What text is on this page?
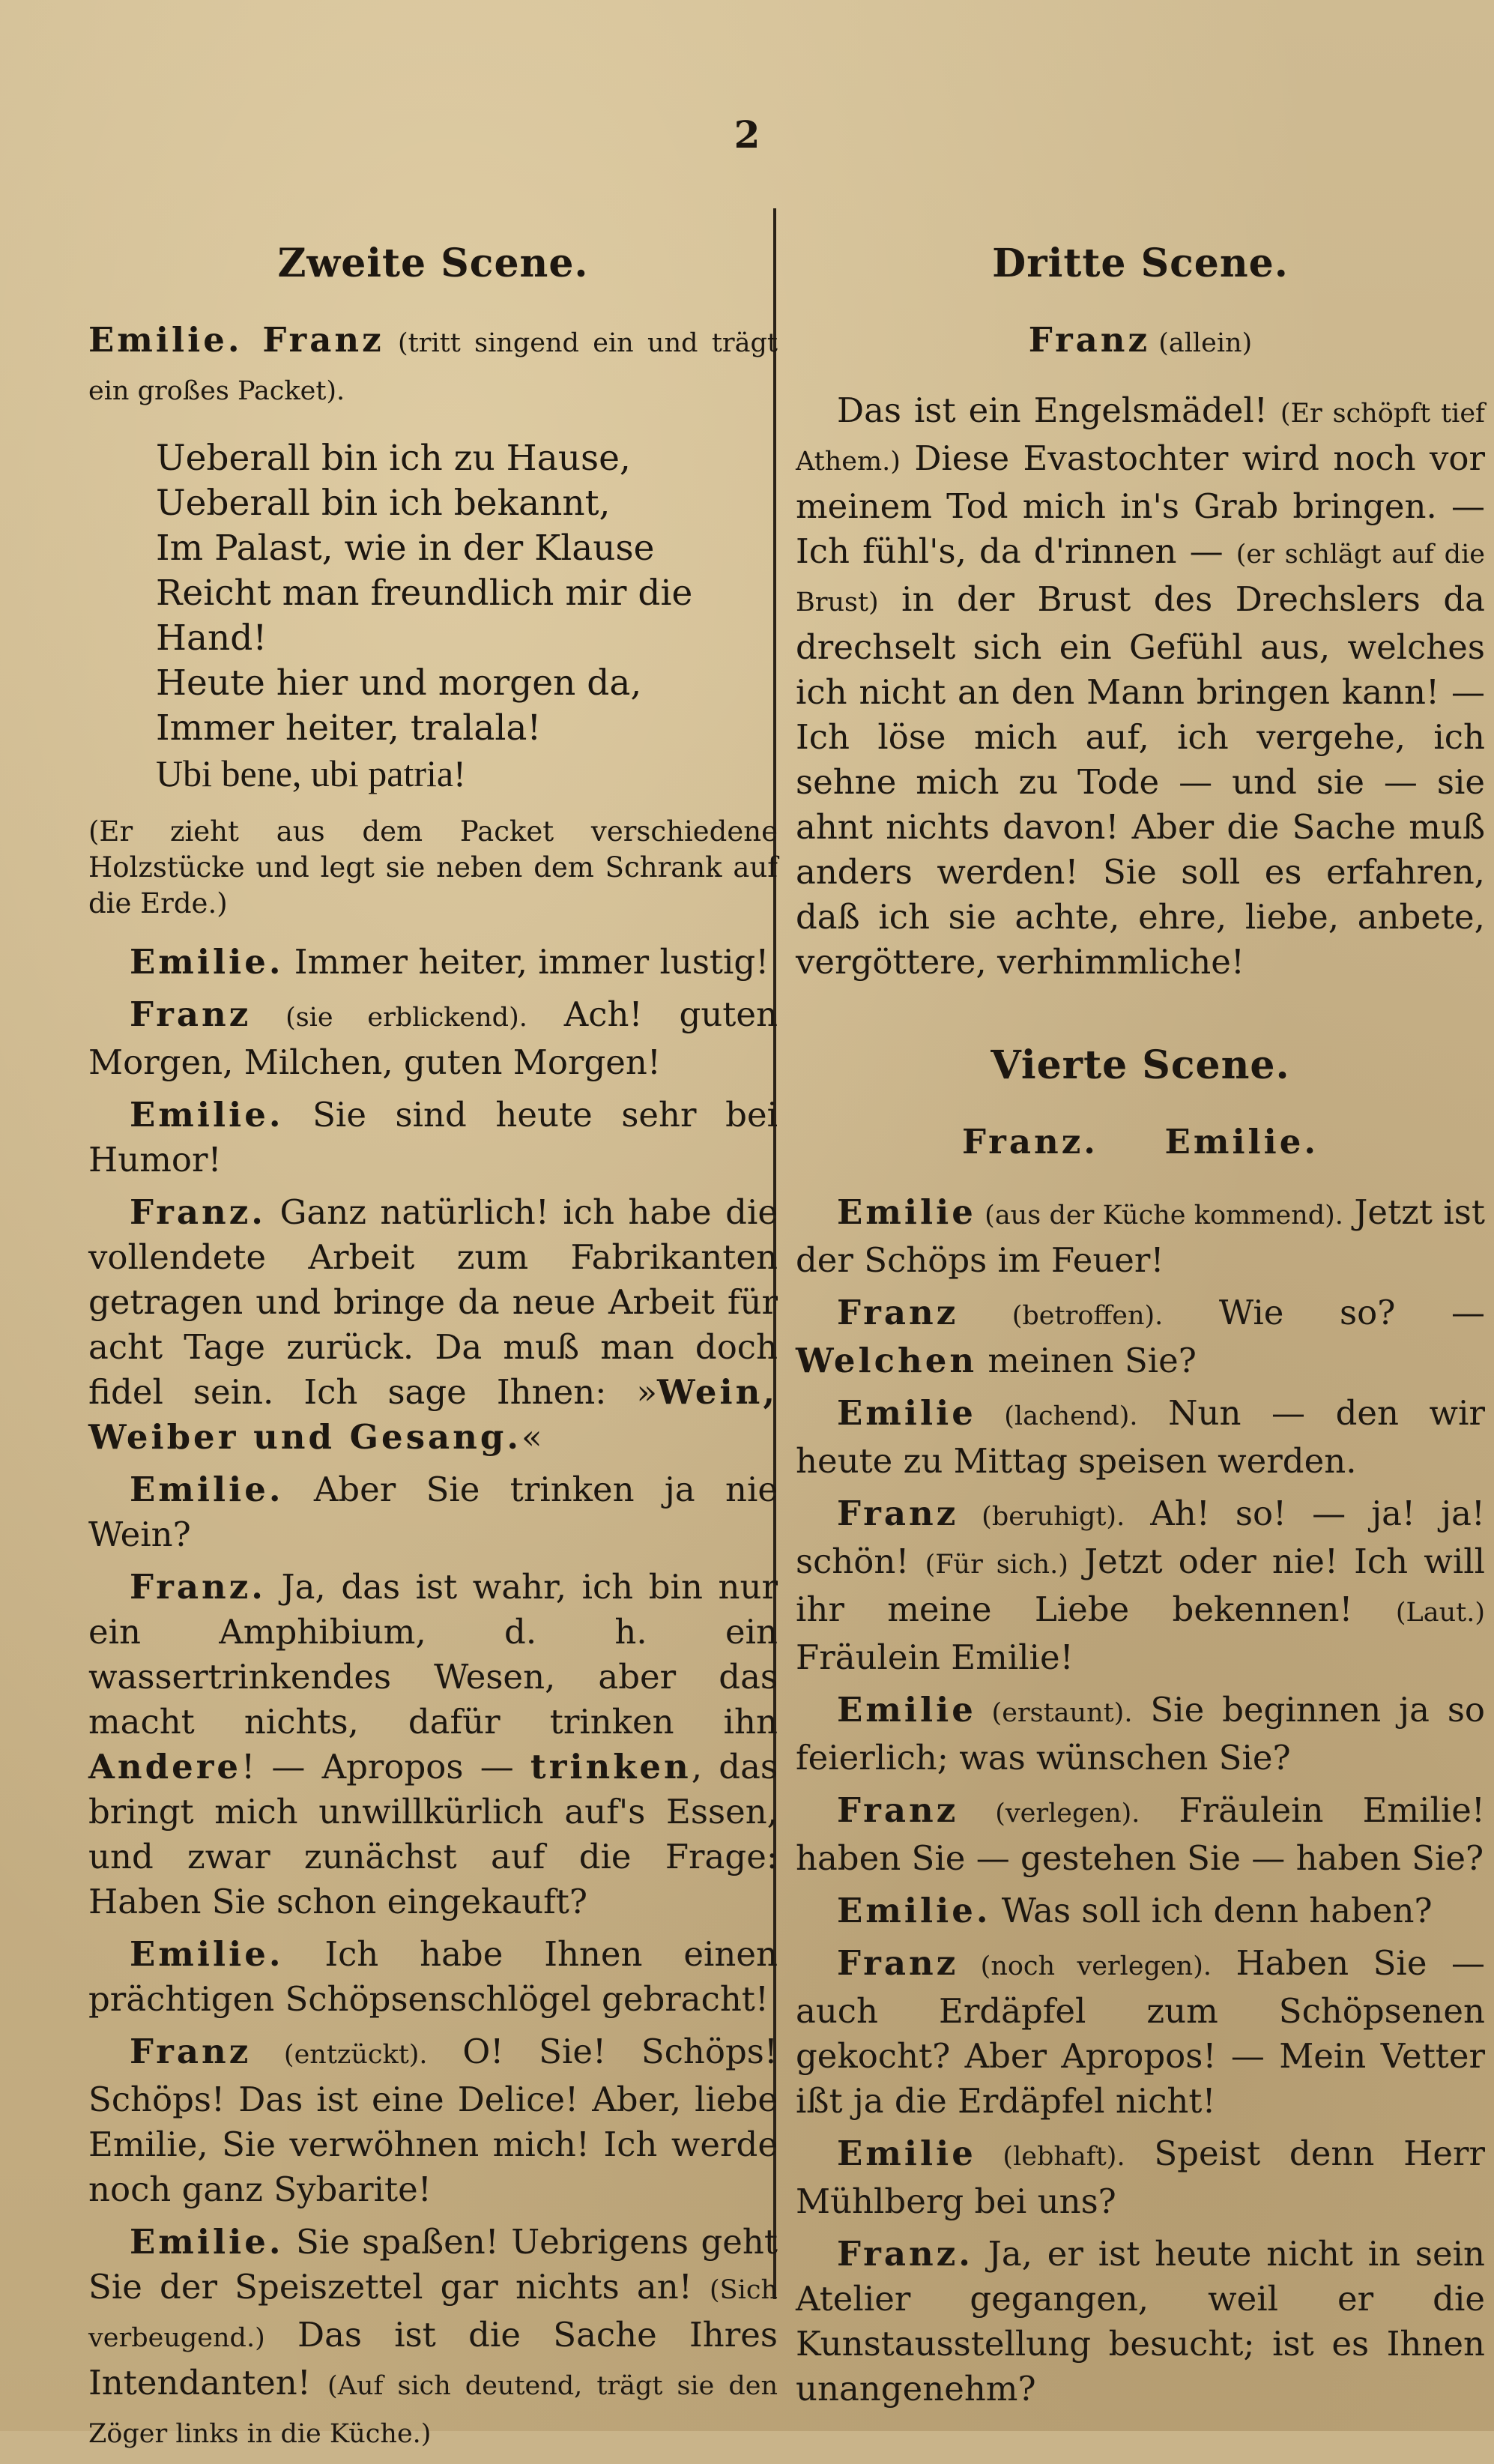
2
Zweite Scene.

Emilie. Franz (tritt singend ein und trägt ein großes Packet).

Ueberall bin ich zu Hause,
Ueberall bin ich bekannt,
Im Palast, wie in der Klause
Reicht man freundlich mir die Hand!
Heute hier und morgen da,
Immer heiter, tralala!
Ubi bene, ubi patria!
(Er zieht aus dem Packet verschiedene Holzstücke und legt sie neben dem Schrank auf die Erde.)

Emilie. Immer heiter, immer lustig!

Franz (sie erblickend). Ach! guten Morgen, Milchen, guten Morgen!

Emilie. Sie sind heute sehr bei Humor!

Franz. Ganz natürlich! ich habe die vollendete Arbeit zum Fabrikanten getragen und bringe da neue Arbeit für acht Tage zurück. Da muß man doch fidel sein. Ich sage Ihnen: »Wein, Weiber und Gesang.«

Emilie. Aber Sie trinken ja nie Wein?

Franz. Ja, das ist wahr, ich bin nur ein Amphibium, d. h. ein wassertrinkendes Wesen, aber das macht nichts, dafür trinken ihn Andere! — Apropos — trinken, das bringt mich unwillkürlich auf's Essen, und zwar zunächst auf die Frage: Haben Sie schon eingekauft?

Emilie. Ich habe Ihnen einen prächtigen Schöpsenschlögel gebracht!

Franz (entzückt). O! Sie! Schöps! Schöps! Das ist eine Delice! Aber, liebe Emilie, Sie verwöhnen mich! Ich werde noch ganz Sybarite!

Emilie. Sie spaßen! Uebrigens geht Sie der Speiszettel gar nichts an! (Sich verbeugend.) Das ist die Sache Ihres Intendanten! (Auf sich deutend, trägt sie den Zöger links in die Küche.)

Dritte Scene.

Franz (allein)

Das ist ein Engelsmädel! (Er schöpft tief Athem.) Diese Evastochter wird noch vor meinem Tod mich in's Grab bringen. — Ich fühl's, da d'rinnen — (er schlägt auf die Brust) in der Brust des Drechslers da drechselt sich ein Gefühl aus, welches ich nicht an den Mann bringen kann! — Ich löse mich auf, ich vergehe, ich sehne mich zu Tode — und sie — sie ahnt nichts davon! Aber die Sache muß anders werden! Sie soll es erfahren, daß ich sie achte, ehre, liebe, anbete, vergöttere, verhimmliche!

Vierte Scene.

Franz. Emilie.

Emilie (aus der Küche kommend). Jetzt ist der Schöps im Feuer!

Franz (betroffen). Wie so? — Welchen meinen Sie?

Emilie (lachend). Nun — den wir heute zu Mittag speisen werden.

Franz (beruhigt). Ah! so! — ja! ja! schön! (Für sich.) Jetzt oder nie! Ich will ihr meine Liebe bekennen! (Laut.) Fräulein Emilie!

Emilie (erstaunt). Sie beginnen ja so feierlich; was wünschen Sie?

Franz (verlegen). Fräulein Emilie! haben Sie — gestehen Sie — haben Sie?

Emilie. Was soll ich denn haben?

Franz (noch verlegen). Haben Sie — auch Erdäpfel zum Schöpsenen gekocht? Aber Apropos! — Mein Vetter ißt ja die Erdäpfel nicht!

Emilie (lebhaft). Speist denn Herr Mühlberg bei uns?

Franz. Ja, er ist heute nicht in sein Atelier gegangen, weil er die Kunstausstellung besucht; ist es Ihnen unangenehm?
